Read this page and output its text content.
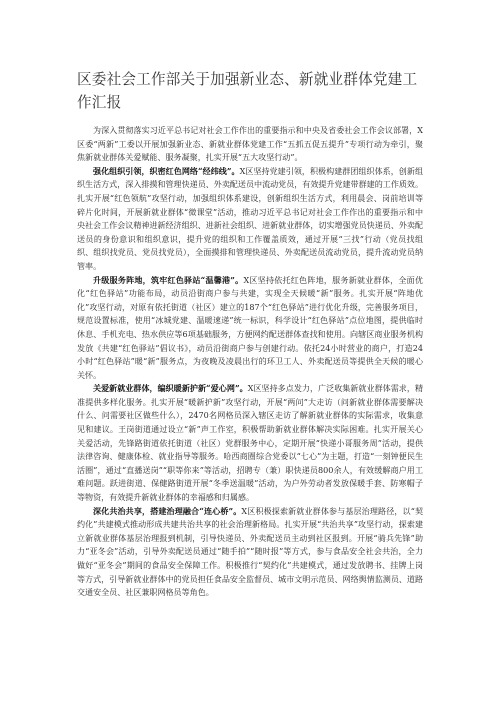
区委社会工作部关于加强新业态、新就业群体党建工
作汇报

为深入贯彻落实习近平总书记对社会工作作出的重要指示和中央及省委社会工作会议部署，X区委“两新”工委以开展加强新业态、新就业群体党建工作“五抓五促五提升”专项行动为牵引，聚焦新就业群体关爱赋能、服务凝聚，扎实开展“五大攻坚行动”。

强化组织引领，织密红色网络“经纬线”。X区坚持党建引领，积极构建群团组织体系，创新组织生活方式，深入排摸和管理快递员、外卖配送员中流动党员，有效提升党建带群建的工作质效。扎实开展“红色领航”攻坚行动，加强组织体系建设，创新组织生活方式，利用晨会、岗前培训等碎片化时间，开展新就业群体“微课堂”活动，推动习近平总书记对社会工作作出的重要指示和中央社会工作会议精神进新经济组织、进新社会组织、进新就业群体，切实增强党员快递员、外卖配送员的身份意识和组织意识，提升党的组织和工作覆盖质效，通过开展“三找”行动（党员找组织、组织找党员、党员找党员），全面摸排和管理快递员、外卖配送员流动党员，提升流动党员纳管率。

升级服务阵地，筑牢红色驿站“温馨港”。X区坚持依托红色阵地，服务新就业群体，全面优化“红色驿站”功能布局，动员沿街商户参与共建，实现全天候暖“新”服务。扎实开展“阵地优化”攻坚行动，对原有依托街道（社区）建立的187个“红色驿站”进行优化升级，完善服务项目，规范设置标准，使用“冰城党建、温暖速递”统一标识，科学设计“红色驿站”点位地图，提供临时休息、手机充电、热水供应等6项基础服务，方便网约配送群体查找和使用。向辖区商业服务机构发放《共建“红色驿站”倡议书》，动员沿街商户参与创建行动。依托24小时营业的商户，打造24小时“红色驿站”暖“新”服务点，为夜晚及凌晨出行的环卫工人、外卖配送员等提供全天候的暖心关怀。

关爱新就业群体，编织暖新护新“爱心网”。X区坚持多点发力，广泛收集新就业群体需求，精准提供多样化服务。扎实开展“暖新护新”攻坚行动，开展“两问”大走访（问新就业群体需要解决什么、问需要社区做些什么），2470名网格员深入辖区走访了解新就业群体的实际需求，收集意见和建议。王岗街道通过设立“新”声工作室，积极帮助新就业群体解决实际困难。扎实开展关心关爱活动，先锋路街道依托街道（社区）党群服务中心，定期开展“快递小哥服务周”活动，提供法律咨询、健康体检、就业指导等服务。哈西商圈综合党委以“七心”为主题，打造“一刻钟便民生活圈”，通过“直播送岗”“职等你来”等活动，招聘专（兼）职快递员800余人，有效缓解商户用工难问题。跃进街道、保健路街道开展“冬季送温暖”活动，为户外劳动者发放保暖手套、防寒帽子等物资，有效提升新就业群体的幸福感和归属感。

深化共治共享，搭建治理融合“连心桥”。X区积极探索新就业群体参与基层治理路径，以“契约化”共建模式推动形成共建共治共享的社会治理新格局。扎实开展“共治共享”攻坚行动，探索建立新就业群体基层治理报到机制，引导快递员、外卖配送员主动到社区报到。开展“骑兵先锋”助力“亚冬会”活动，引导外卖配送员通过“随手拍”“随时报”等方式，参与食品安全社会共治，全力做好“亚冬会”期间的食品安全保障工作。积极推行“契约化”共建模式，通过发放聘书、挂牌上岗等方式，引导新就业群体中的党员担任食品安全监督员、城市文明示范员、网络舆情监测员、道路交通安全员、社区兼职网格员等角色。
